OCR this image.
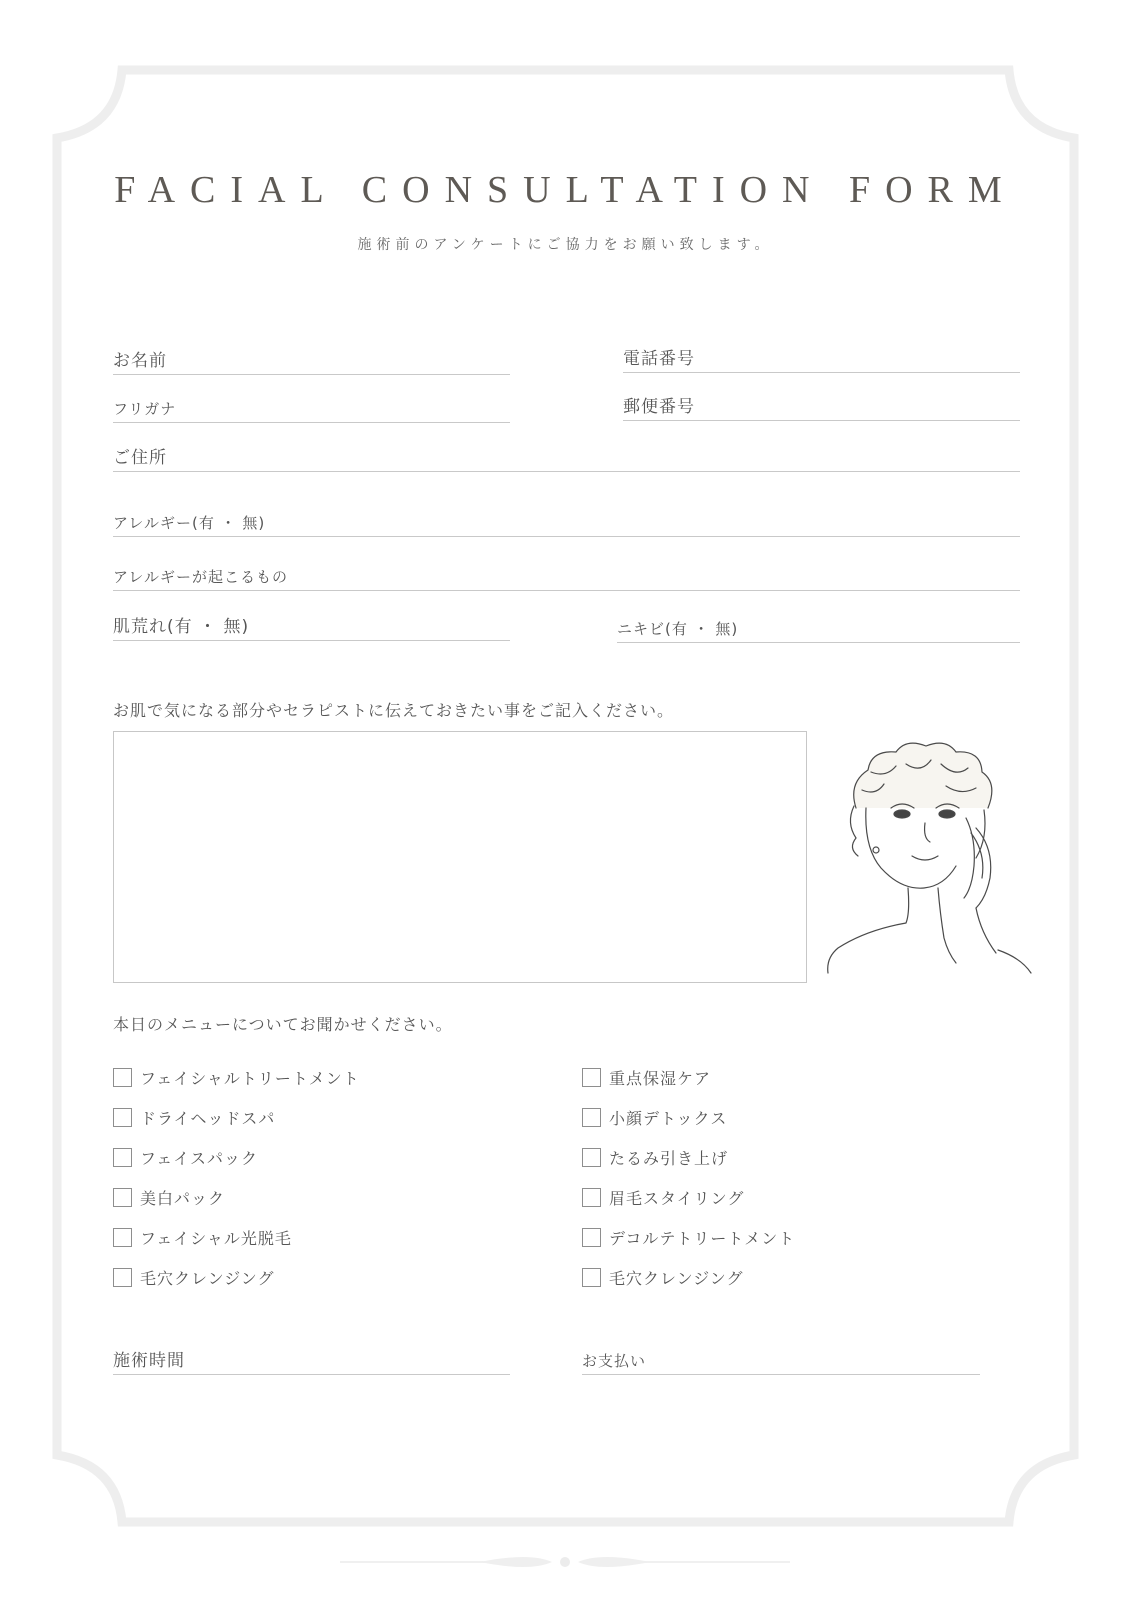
FACIAL CONSULTATION FORM
施術前のアンケートにご協力をお願い致します。
お名前	電話番号
フリガナ	郵便番号
ご住所
アレルギー(有 ・ 無)
アレルギーが起こるもの
肌荒れ(有 ・ 無)	ニキビ(有 ・ 無)
お肌で気になる部分やセラピストに伝えておきたい事をご記入ください。
本日のメニューについてお聞かせください。
フェイシャルトリートメント
ドライヘッドスパ
フェイスパック
美白パック
フェイシャル光脱毛
毛穴クレンジング
重点保湿ケア
小顔デトックス
たるみ引き上げ
眉毛スタイリング
デコルテトリートメント
毛穴クレンジング
施術時間	お支払い
